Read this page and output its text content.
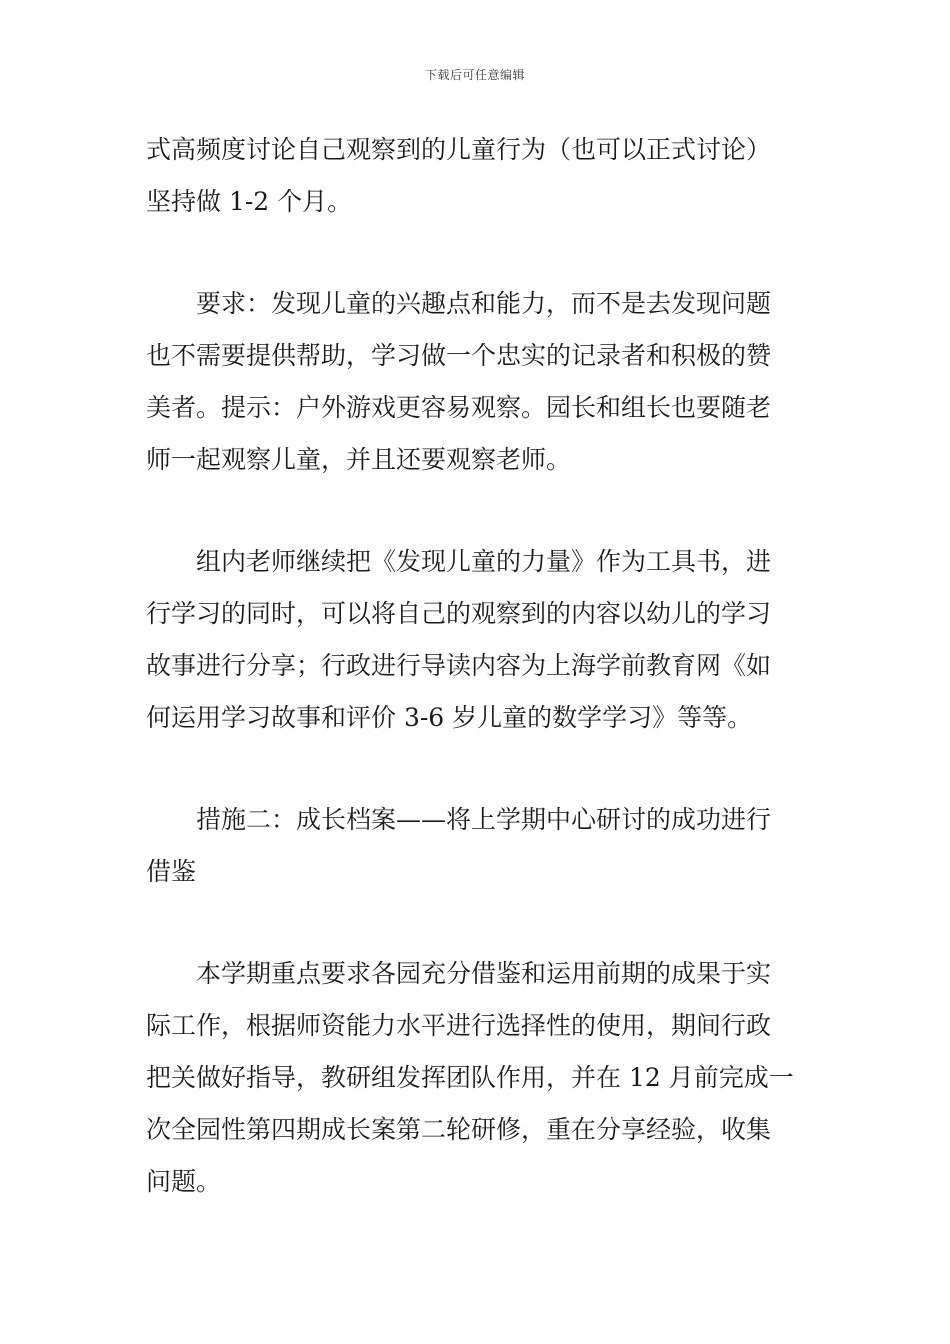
下载后可任意编辑

式高频度讨论自己观察到的儿童行为（也可以正式讨论）
坚持做 1-2 个月。

要求：发现儿童的兴趣点和能力，而不是去发现问题
也不需要提供帮助，学习做一个忠实的记录者和积极的赞
美者。提示：户外游戏更容易观察。园长和组长也要随老
师一起观察儿童，并且还要观察老师。

组内老师继续把《发现儿童的力量》作为工具书，进
行学习的同时，可以将自己的观察到的内容以幼儿的学习
故事进行分享；行政进行导读内容为上海学前教育网《如
何运用学习故事和评价 3-6 岁儿童的数学学习》等等。

措施二：成长档案——将上学期中心研讨的成功进行
借鉴

本学期重点要求各园充分借鉴和运用前期的成果于实
际工作，根据师资能力水平进行选择性的使用，期间行政
把关做好指导，教研组发挥团队作用，并在 12 月前完成一
次全园性第四期成长案第二轮研修，重在分享经验，收集
问题。
